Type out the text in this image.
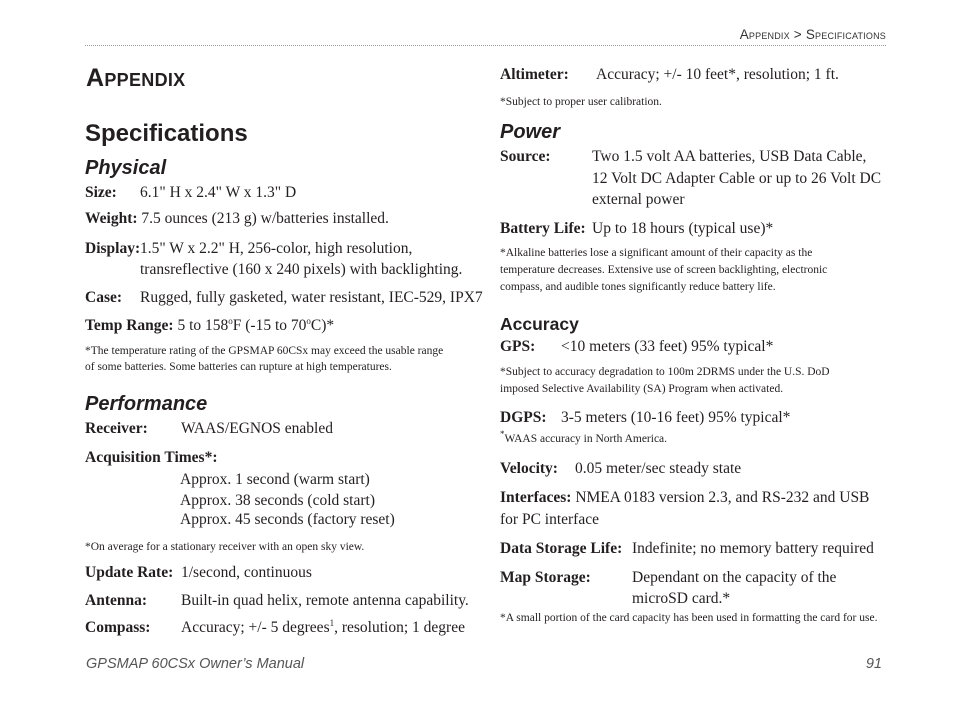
Appendix > Specifications
Appendix
Specifications
Physical
Size: 6.1" H x 2.4" W x 1.3" D
Weight: 7.5 ounces (213 g) w/batteries installed.
Display: 1.5" W x 2.2" H, 256-color, high resolution,
transreflective (160 x 240 pixels) with backlighting.
Case: Rugged, fully gasketed, water resistant, IEC-529, IPX7
Temp Range: 5 to 158$^o$F (-15 to 70$^o$C)*
*The temperature rating of the GPSMAP 60CSx may exceed the usable range
of some batteries. Some batteries can rupture at high temperatures.
Performance
Receiver: WAAS/EGNOS enabled
Acquisition Times*:
Approx. 1 second (warm start)
Approx. 38 seconds (cold start)
Approx. 45 seconds (factory reset)
*On average for a stationary receiver with an open sky view.
Update Rate: 1/second, continuous
Antenna: Built-in quad helix, remote antenna capability.
Compass: Accuracy; +/- 5 degrees$^1$, resolution; 1 degree
Altimeter: Accuracy; +/- 10 feet*, resolution; 1 ft.
*Subject to proper user calibration.
Power
Source:	Two 1.5 volt AA batteries, USB Data Cable,
12 Volt DC Adapter Cable or up to 26 Volt DC
external power
Battery Life: Up to 18 hours (typical use)*
*Alkaline batteries lose a significant amount of their capacity as the
temperature decreases. Extensive use of screen backlighting, electronic
compass, and audible tones significantly reduce battery life.
Accuracy
GPS: <10 meters (33 feet) 95% typical*
*Subject to accuracy degradation to 100m 2DRMS under the U.S. DoD
imposed Selective Availability (SA) Program when activated.
DGPS: 3-5 meters (10-16 feet) 95% typical*
*WAAS accuracy in North America.
Velocity: 0.05 meter/sec steady state
Interfaces: NMEA 0183 version 2.3, and RS-232 and USB
for PC interface
Data Storage Life: Indefinite; no memory battery required
Map Storage:	Dependant on the capacity of the
microSD card.*
*A small portion of the card capacity has been used in formatting the card for use.
GPSMAP 60CSx Owner’s Manual	91
